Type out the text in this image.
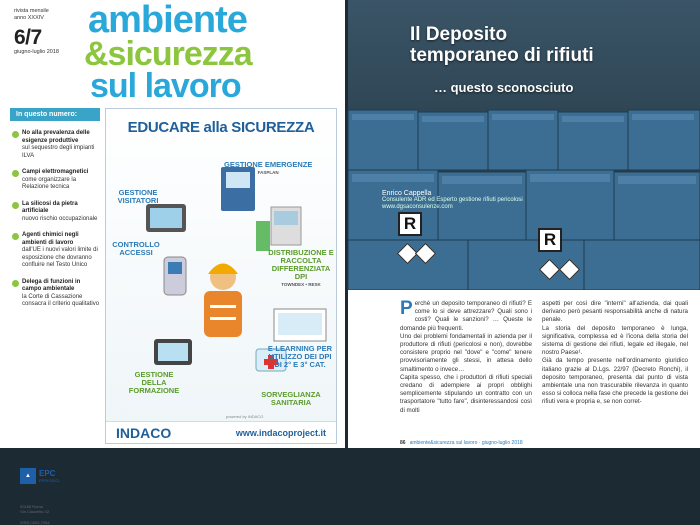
rivista mensile
anno XXXIV
6/7
giugno-luglio 2018
ambiente
&sicurezza
sul lavoro
In questo numero:
No alla prevalenza delle esigenze produttive
sul sequestro degli impianti ILVA
Campi elettromagnetici
come organizzare la Relazione tecnica
La silicosi da pietra artificiale
nuovo rischio occupazionale
Agenti chimici negli ambienti di lavoro
dall'UE i nuovi valori limite di esposizione che dovranno confluire nel Testo Unico
Delega di funzioni in campo ambientale
la Corte di Cassazione consacra il criterio qualitativo
▲	EPC
PERIODICI
00188 Roma
Via Clauzetto 12
ISSN 0393-7054
EDUCARE alla SICUREZZA
GESTIONE EMERGENZE
FASPLAN
GESTIONE VISITATORI
DISTRIBUZIONE E RACCOLTA DIFFERENZIATA DPI
TOWNDEX • RESK
CONTROLLO ACCESSI
E-LEARNING PER UTILIZZO DEI DPI DI 2° E 3° CAT.
GESTIONE DELLA FORMAZIONE	SORVEGLIANZA SANITARIA
powered by INDACO
INDACO	www.indacoproject.it
R
R
Il Deposito
temporaneo di rifiuti
… questo sconosciuto
Enrico Cappella
Consulente ADR ed Esperto gestione rifiuti pericolosi
www.dgsaconsulenze.com

Perché un deposito temporaneo di rifiuti? E come lo si deve attrezzare? Quali sono i costi? Quali le sanzioni? … Queste le domande più frequenti.

Uno dei problemi fondamentali in azienda per il produttore di rifiuti (pericolosi e non), dovrebbe consistere proprio nel "dove" e "come" tenere provvisoriamente gli stessi, in attesa dello smaltimento o invece…

Capita spesso, che i produttori di rifiuti speciali credano di adempiere ai propri obblighi semplicemente stipulando un contratto con un trasportatore "tutto fare", disinteressandosi così di molti

aspetti per così dire "interni" all'azienda, dai quali derivano però pesanti responsabilità anche di natura penale.

La storia del deposito temporaneo è lunga, significativa, complessa ed è l'icona della storia del sistema di gestione dei rifiuti, legale ed illegale, nel nostro Paese¹.

Già da tempo presente nell'ordinamento giuridico italiano grazie al D.Lgs. 22/97 (Decreto Ronchi), il deposito temporaneo, presenta dal punto di vista ambientale una non trascurabile rilevanza in quanto esso si colloca nella fase che precede la gestione dei rifiuti vera e propria e, se non corret-

86 ambiente&sicurezza sul lavoro · giugno-luglio 2018
